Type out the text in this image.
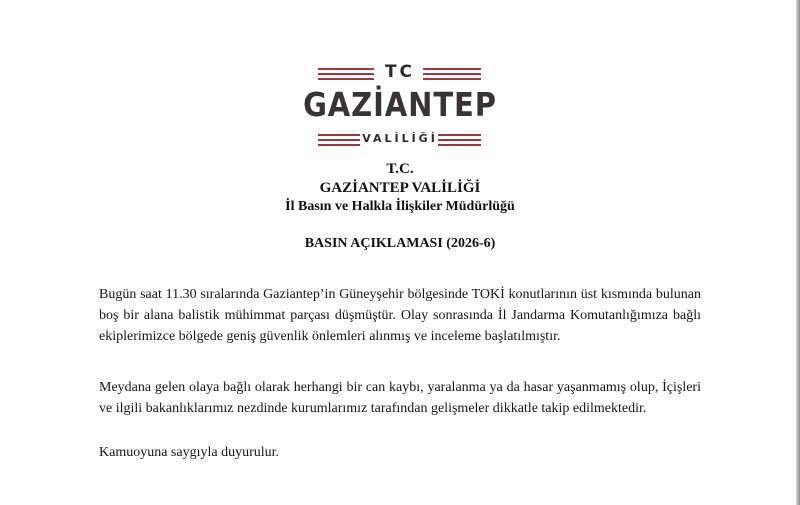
TC
GAZİANTEP
VALİLİĞİ
T.C.
GAZİANTEP VALİLİĞİ
İl Basın ve Halkla İlişkiler Müdürlüğü
BASIN AÇIKLAMASI (2026-6)
Bugün saat 11.30 sıralarında Gaziantep’in Güneyşehir bölgesinde TOKİ konutlarının üst kısmında bulunan boş bir alana balistik mühimmat parçası düşmüştür. Olay sonrasında İl Jandarma Komutanlığımıza bağlı ekiplerimizce bölgede geniş güvenlik önlemleri alınmış ve inceleme başlatılmıştır.
Meydana gelen olaya bağlı olarak herhangi bir can kaybı, yaralanma ya da hasar yaşanmamış olup, İçişleri ve ilgili bakanlıklarımız nezdinde kurumlarımız tarafından gelişmeler dikkatle takip edilmektedir.
Kamuoyuna saygıyla duyurulur.
